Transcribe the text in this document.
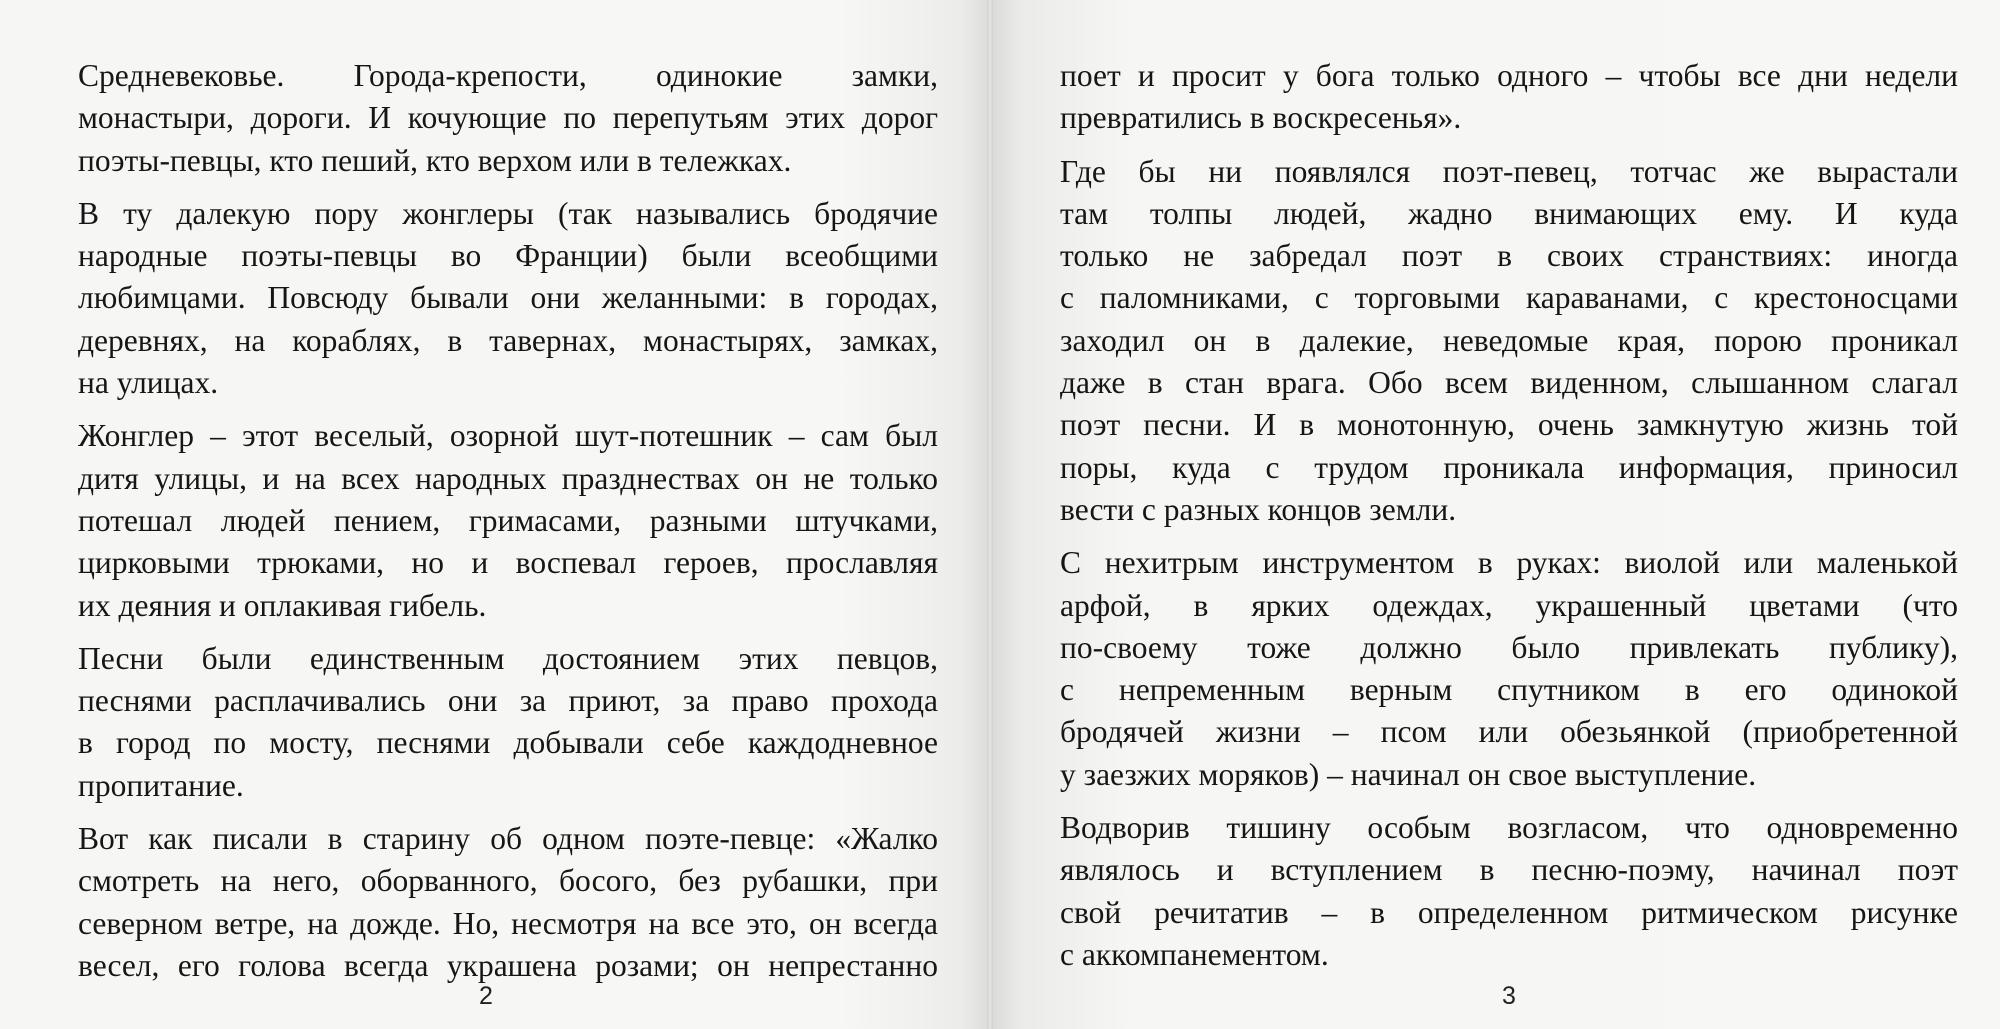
Средневековье. Города-крепости, одинокие замки,
монастыри, дороги. И кочующие по перепутьям этих дорог
поэты-певцы, кто пеший, кто верхом или в тележках.
В ту далекую пору жонглеры (так назывались бродячие
народные поэты-певцы во Франции) были всеобщими
любимцами. Повсюду бывали они желанными: в городах,
деревнях, на кораблях, в тавернах, монастырях, замках,
на улицах.
Жонглер – этот веселый, озорной шут-потешник – сам был
дитя улицы, и на всех народных празднествах он не только
потешал людей пением, гримасами, разными штучками,
цирковыми трюками, но и воспевал героев, прославляя
их деяния и оплакивая гибель.
Песни были единственным достоянием этих певцов,
песнями расплачивались они за приют, за право прохода
в город по мосту, песнями добывали себе каждодневное
пропитание.
Вот как писали в старину об одном поэте-певце: «Жалко
смотреть на него, оборванного, босого, без рубашки, при
северном ветре, на дожде. Но, несмотря на все это, он всегда
весел, его голова всегда украшена розами; он непрестанно
2
поет и просит у бога только одного – чтобы все дни недели
превратились в воскресенья».
Где бы ни появлялся поэт-певец, тотчас же вырастали
там толпы людей, жадно внимающих ему. И куда
только не забредал поэт в своих странствиях: иногда
с паломниками, с торговыми караванами, с крестоносцами
заходил он в далекие, неведомые края, порою проникал
даже в стан врага. Обо всем виденном, слышанном слагал
поэт песни. И в монотонную, очень замкнутую жизнь той
поры, куда с трудом проникала информация, приносил
вести с разных концов земли.
С нехитрым инструментом в руках: виолой или маленькой
арфой, в ярких одеждах, украшенный цветами (что
по-своему тоже должно было привлекать публику),
с непременным верным спутником в его одинокой
бродячей жизни – псом или обезьянкой (приобретенной
у заезжих моряков) – начинал он свое выступление.
Водворив тишину особым возгласом, что одновременно
являлось и вступлением в песню-поэму, начинал поэт
свой речитатив – в определенном ритмическом рисунке
с аккомпанементом.
3
